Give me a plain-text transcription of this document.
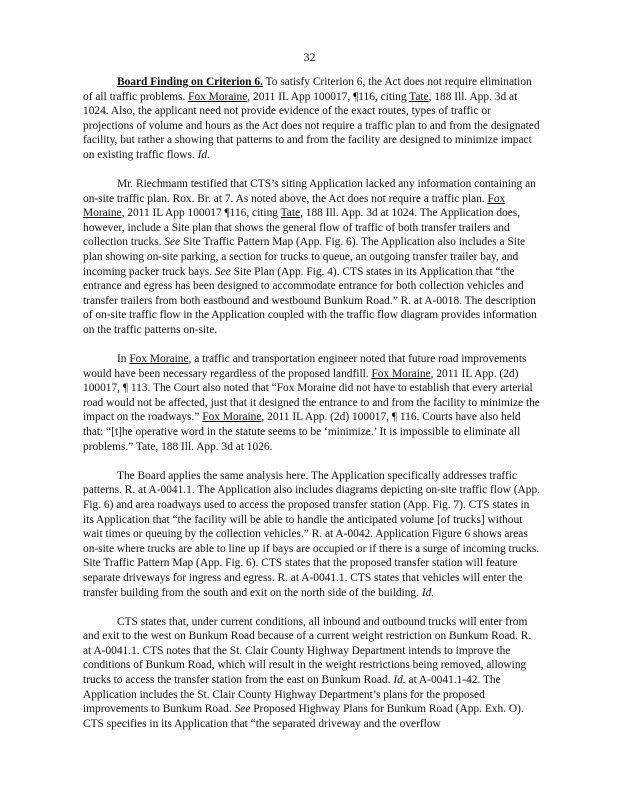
32

Board Finding on Criterion 6. To satisfy Criterion 6, the Act does not require elimination of all traffic problems. Fox Moraine, 2011 IL App 100017, ¶116, citing Tate, 188 Ill. App. 3d at 1024. Also, the applicant need not provide evidence of the exact routes, types of traffic or projections of volume and hours as the Act does not require a traffic plan to and from the designated facility, but rather a showing that patterns to and from the facility are designed to minimize impact on existing traffic flows. Id.

Mr. Riechmann testified that CTS’s siting Application lacked any information containing an on-site traffic plan. Rox. Br. at 7. As noted above, the Act does not require a traffic plan. Fox Moraine, 2011 IL App 100017 ¶116, citing Tate, 188 Ill. App. 3d at 1024. The Application does, however, include a Site plan that shows the general flow of traffic of both transfer trailers and collection trucks. See Site Traffic Pattern Map (App. Fig. 6). The Application also includes a Site plan showing on-site parking, a section for trucks to queue, an outgoing transfer trailer bay, and incoming packer truck bays. See Site Plan (App. Fig. 4). CTS states in its Application that “the entrance and egress has been designed to accommodate entrance for both collection vehicles and transfer trailers from both eastbound and westbound Bunkum Road.” R. at A-0018. The description of on-site traffic flow in the Application coupled with the traffic flow diagram provides information on the traffic patterns on-site.

In Fox Moraine, a traffic and transportation engineer noted that future road improvements would have been necessary regardless of the proposed landfill. Fox Moraine, 2011 IL App. (2d) 100017, ¶ 113. The Court also noted that “Fox Moraine did not have to establish that every arterial road would not be affected, just that it designed the entrance to and from the facility to minimize the impact on the roadways.” Fox Moraine, 2011 IL App. (2d) 100017, ¶ 116. Courts have also held that: “[t]he operative word in the statute seems to be ‘minimize.’ It is impossible to eliminate all problems.” Tate, 188 Ill. App. 3d at 1026.

The Board applies the same analysis here. The Application specifically addresses traffic patterns. R. at A-0041.1. The Application also includes diagrams depicting on-site traffic flow (App. Fig. 6) and area roadways used to access the proposed transfer station (App. Fig. 7). CTS states in its Application that “the facility will be able to handle the anticipated volume [of trucks] without wait times or queuing by the collection vehicles.” R. at A-0042. Application Figure 6 shows areas on-site where trucks are able to line up if bays are occupied or if there is a surge of incoming trucks. Site Traffic Pattern Map (App. Fig. 6). CTS states that the proposed transfer station will feature separate driveways for ingress and egress. R. at A-0041.1. CTS states that vehicles will enter the transfer building from the south and exit on the north side of the building. Id.

CTS states that, under current conditions, all inbound and outbound trucks will enter from and exit to the west on Bunkum Road because of a current weight restriction on Bunkum Road. R. at A-0041.1. CTS notes that the St. Clair County Highway Department intends to improve the conditions of Bunkum Road, which will result in the weight restrictions being removed, allowing trucks to access the transfer station from the east on Bunkum Road. Id. at A-0041.1-42. The Application includes the St. Clair County Highway Department’s plans for the proposed improvements to Bunkum Road. See Proposed Highway Plans for Bunkum Road (App. Exh. O). CTS specifies in its Application that “the separated driveway and the overflow
